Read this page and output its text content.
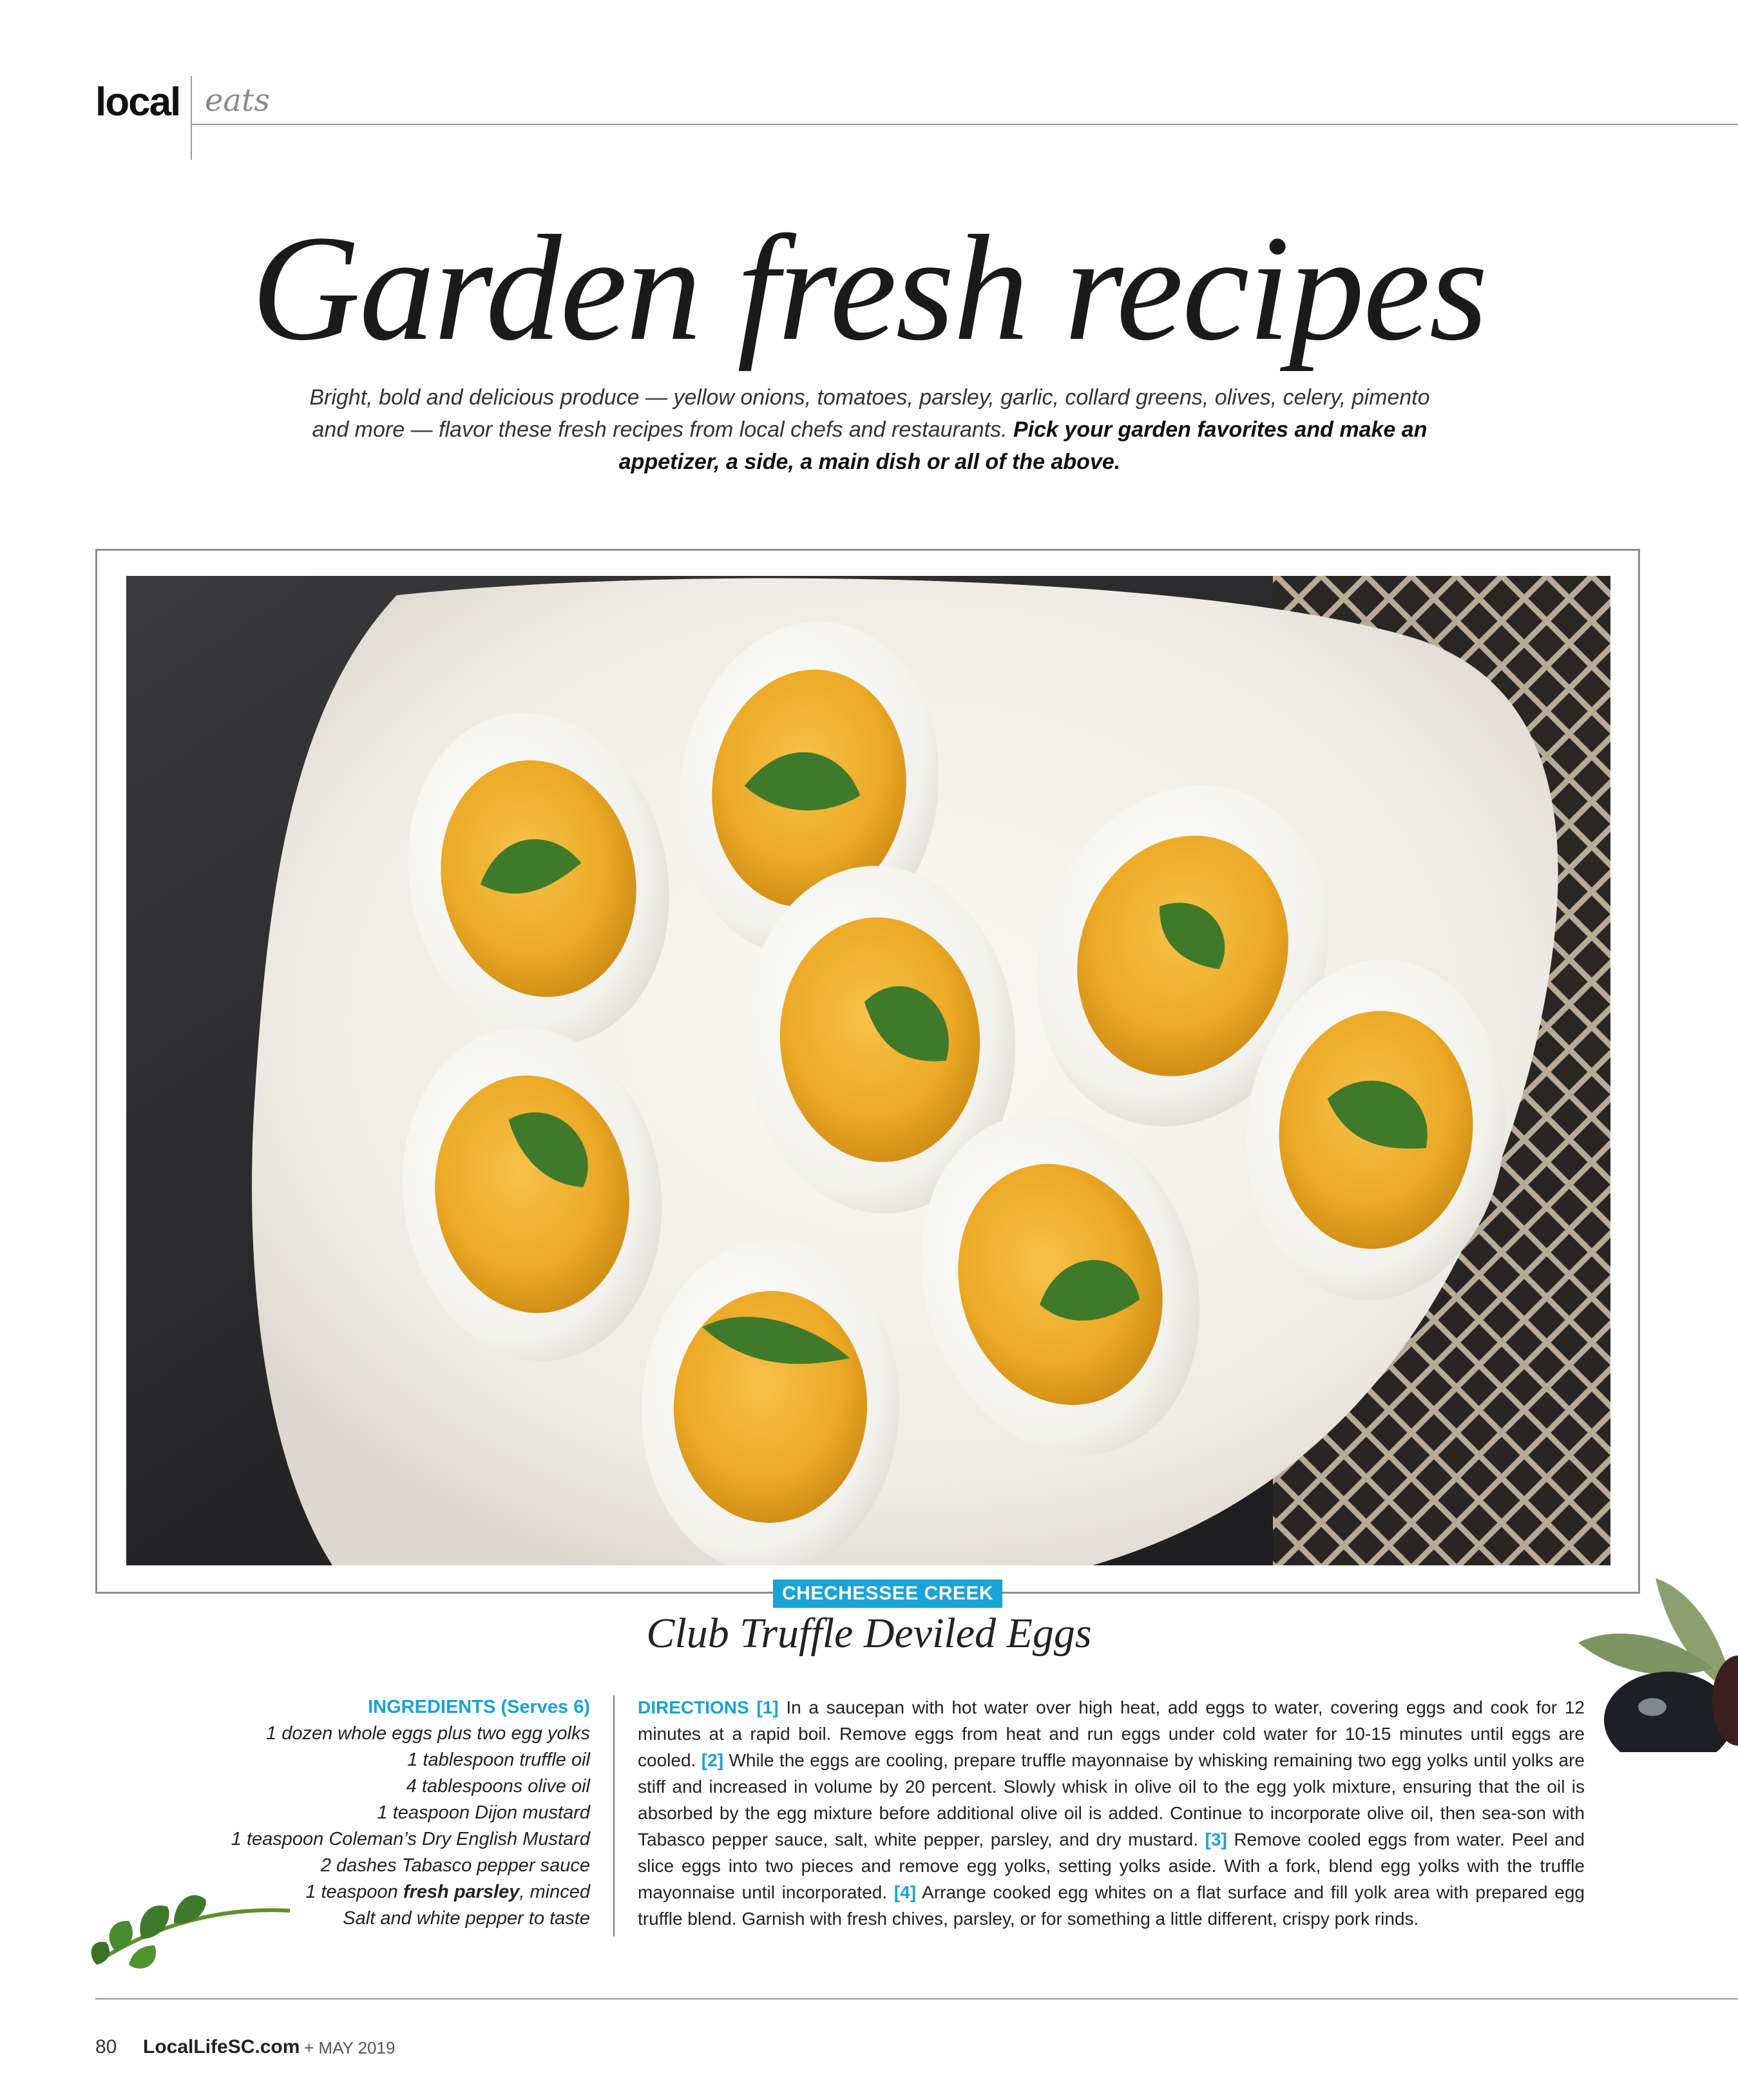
local eats
Garden fresh recipes
Bright, bold and delicious produce — yellow onions, tomatoes, parsley, garlic, collard greens, olives, celery, pimento and more — flavor these fresh recipes from local chefs and restaurants. Pick your garden favorites and make an appetizer, a side, a main dish or all of the above.
CHECHESSEE CREEK
Club Truffle Deviled Eggs
INGREDIENTS (Serves 6)
1 dozen whole eggs plus two egg yolks
1 tablespoon truffle oil
4 tablespoons olive oil
1 teaspoon Dijon mustard
1 teaspoon Coleman’s Dry English Mustard
2 dashes Tabasco pepper sauce
1 teaspoon fresh parsley, minced
Salt and white pepper to taste
DIRECTIONS [1] In a saucepan with hot water over high heat, add eggs to water, covering eggs and cook for 12 minutes at a rapid boil. Remove eggs from heat and run eggs under cold water for 10-15 minutes until eggs are cooled. [2] While the eggs are cooling, prepare truffle mayonnaise by whisking remaining two egg yolks until yolks are stiff and increased in volume by 20 percent. Slowly whisk in olive oil to the egg yolk mixture, ensuring that the oil is absorbed by the egg mixture before additional olive oil is added. Continue to incorporate olive oil, then sea-son with Tabasco pepper sauce, salt, white pepper, parsley, and dry mustard. [3] Remove cooled eggs from water. Peel and slice eggs into two pieces and remove egg yolks, setting yolks aside. With a fork, blend egg yolks with the truffle mayonnaise until incorporated. [4] Arrange cooked egg whites on a flat surface and fill yolk area with prepared egg truffle blend. Garnish with fresh chives, parsley, or for something a little different, crispy pork rinds.
80 LocalLifeSC.com + MAY 2019
